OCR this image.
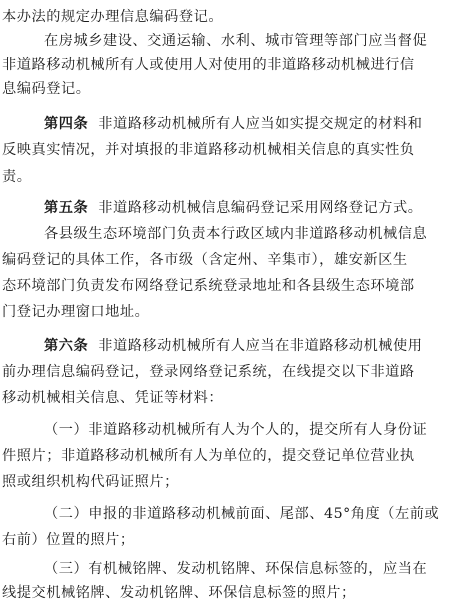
本办法的规定办理信息编码登记。
在房城乡建设、交通运输、水利、城市管理等部门应当督促
非道路移动机械所有人或使用人对使用的非道路移动机械进行信
息编码登记。
第四条 非道路移动机械所有人应当如实提交规定的材料和
反映真实情况，并对填报的非道路移动机械相关信息的真实性负
责。
第五条 非道路移动机械信息编码登记采用网络登记方式。
各县级生态环境部门负责本行政区域内非道路移动机械信息
编码登记的具体工作，各市级（含定州、辛集市），雄安新区生
态环境部门负责发布网络登记系统登录地址和各县级生态环境部
门登记办理窗口地址。
第六条 非道路移动机械所有人应当在非道路移动机械使用
前办理信息编码登记，登录网络登记系统，在线提交以下非道路
移动机械相关信息、凭证等材料：
（一）非道路移动机械所有人为个人的，提交所有人身份证
件照片；非道路移动机械所有人为单位的，提交登记单位营业执
照或组织机构代码证照片；
（二）申报的非道路移动机械前面、尾部、45°角度（左前或
右前）位置的照片；
（三）有机械铭牌、发动机铭牌、环保信息标签的，应当在
线提交机械铭牌、发动机铭牌、环保信息标签的照片；
